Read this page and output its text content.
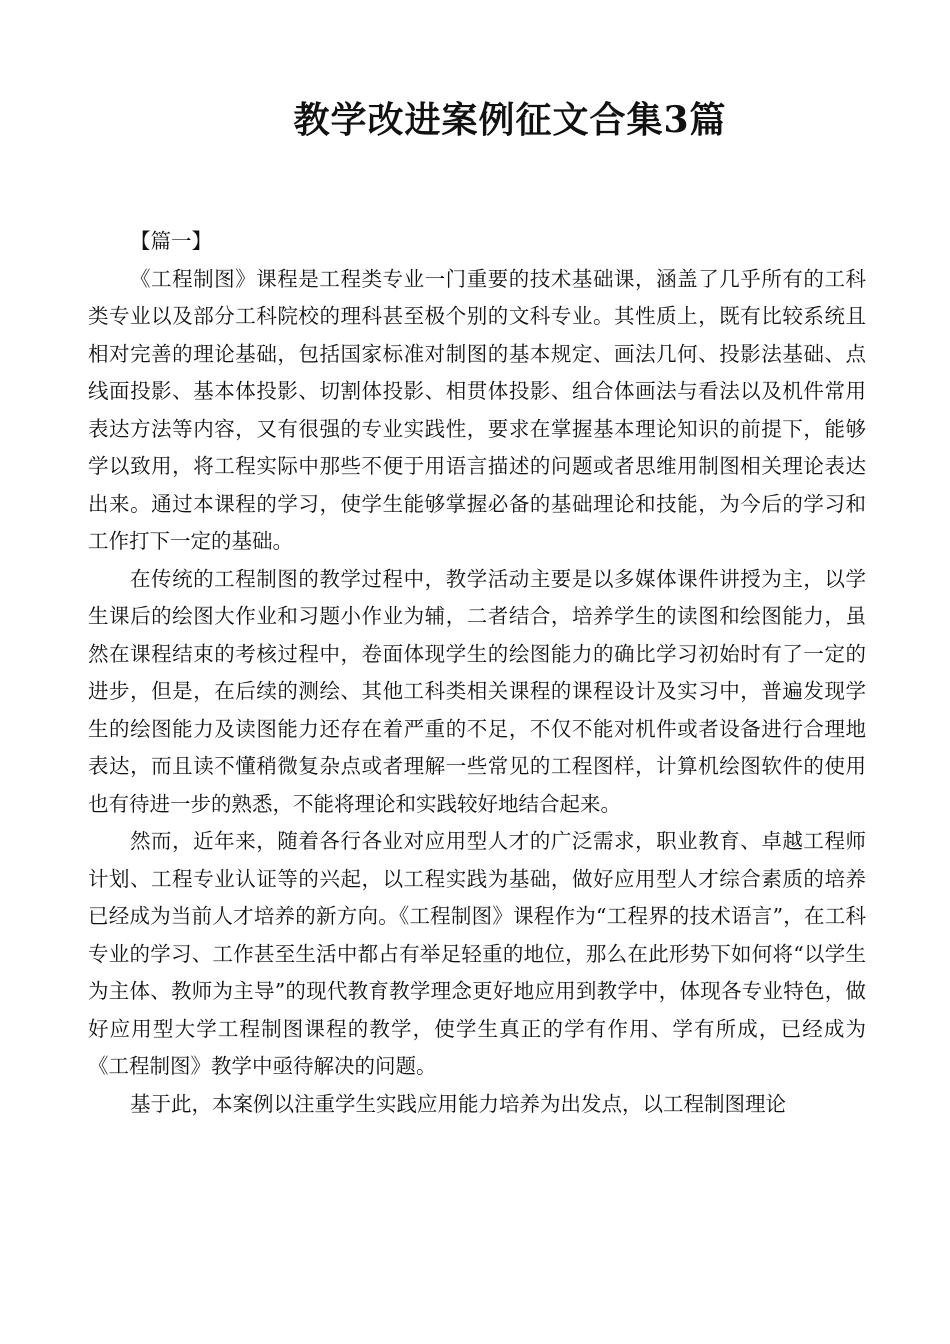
教学改进案例征文合集3篇

【篇一】

《工程制图》课程是工程类专业一门重要的技术基础课，涵盖了几乎所有的工科类专业以及部分工科院校的理科甚至极个别的文科专业。其性质上，既有比较系统且相对完善的理论基础，包括国家标准对制图的基本规定、画法几何、投影法基础、点线面投影、基本体投影、切割体投影、相贯体投影、组合体画法与看法以及机件常用表达方法等内容，又有很强的专业实践性，要求在掌握基本理论知识的前提下，能够学以致用，将工程实际中那些不便于用语言描述的问题或者思维用制图相关理论表达出来。通过本课程的学习，使学生能够掌握必备的基础理论和技能，为今后的学习和工作打下一定的基础。

在传统的工程制图的教学过程中，教学活动主要是以多媒体课件讲授为主，以学生课后的绘图大作业和习题小作业为辅，二者结合，培养学生的读图和绘图能力，虽然在课程结束的考核过程中，卷面体现学生的绘图能力的确比学习初始时有了一定的进步，但是，在后续的测绘、其他工科类相关课程的课程设计及实习中，普遍发现学生的绘图能力及读图能力还存在着严重的不足，不仅不能对机件或者设备进行合理地表达，而且读不懂稍微复杂点或者理解一些常见的工程图样，计算机绘图软件的使用也有待进一步的熟悉，不能将理论和实践较好地结合起来。

然而，近年来，随着各行各业对应用型人才的广泛需求，职业教育、卓越工程师计划、工程专业认证等的兴起，以工程实践为基础，做好应用型人才综合素质的培养已经成为当前人才培养的新方向。《工程制图》课程作为“工程界的技术语言”，在工科专业的学习、工作甚至生活中都占有举足轻重的地位，那么在此形势下如何将“以学生为主体、教师为主导”的现代教育教学理念更好地应用到教学中，体现各专业特色，做好应用型大学工程制图课程的教学，使学生真正的学有作用、学有所成，已经成为《工程制图》教学中亟待解决的问题。

基于此，本案例以注重学生实践应用能力培养为出发点，以工程制图理论
